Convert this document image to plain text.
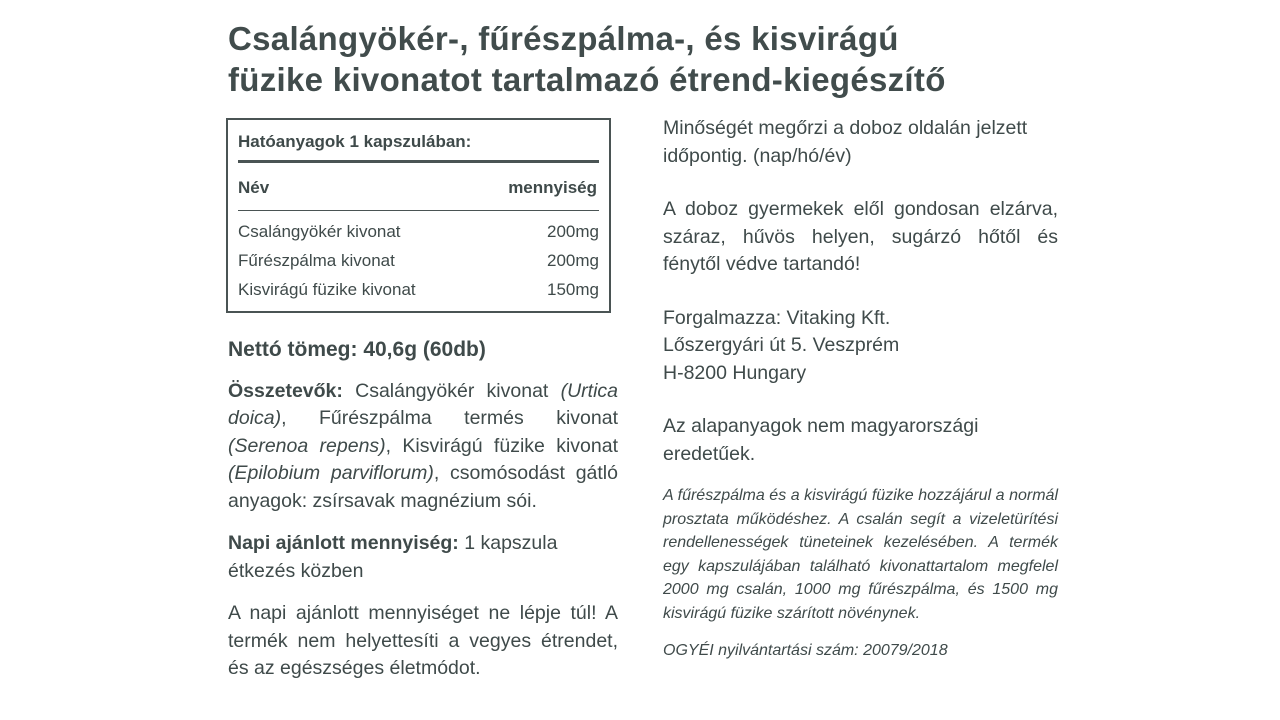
Csalángyökér-, fűrészpálma-, és kisvirágú
füzike kivonatot tartalmazó étrend-kiegészítő
Hatóanyagok 1 kapszulában:
Név	mennyiség
Csalángyökér kivonat	200mg
Fűrészpálma kivonat	200mg
Kisvirágú füzike kivonat	150mg
Nettó tömeg: 40,6g (60db)
Összetevők: Csalángyökér kivonat (Urtica doica), Fűrészpálma termés kivonat (Serenoa repens), Kisvirágú füzike kivonat (Epilobium parviflorum), csomósodást gátló anyagok: zsírsavak magnézium sói.
Napi ajánlott mennyiség: 1 kapszula étkezés közben
A napi ajánlott mennyiséget ne lépje túl! A termék nem helyettesíti a vegyes étrendet, és az egészséges életmódot.
Minőségét megőrzi a doboz oldalán jelzett időpontig. (nap/hó/év)
A doboz gyermekek elől gondosan elzárva, száraz, hűvös helyen, sugárzó hőtől és fénytől védve tartandó!
Forgalmazza: Vitaking Kft.
Lőszergyári út 5. Veszprém
H-8200 Hungary
Az alapanyagok nem magyarországi eredetűek.
A fűrészpálma és a kisvirágú füzike hozzájárul a normál prosztata működéshez. A csalán segít a vizeletürítési rendellenességek tüneteinek kezelésében. A termék egy kapszulájában található kivonattartalom megfelel 2000 mg csalán, 1000 mg fűrészpálma, és 1500 mg kisvirágú füzike szárított növénynek.
OGYÉI nyilvántartási szám: 20079/2018
